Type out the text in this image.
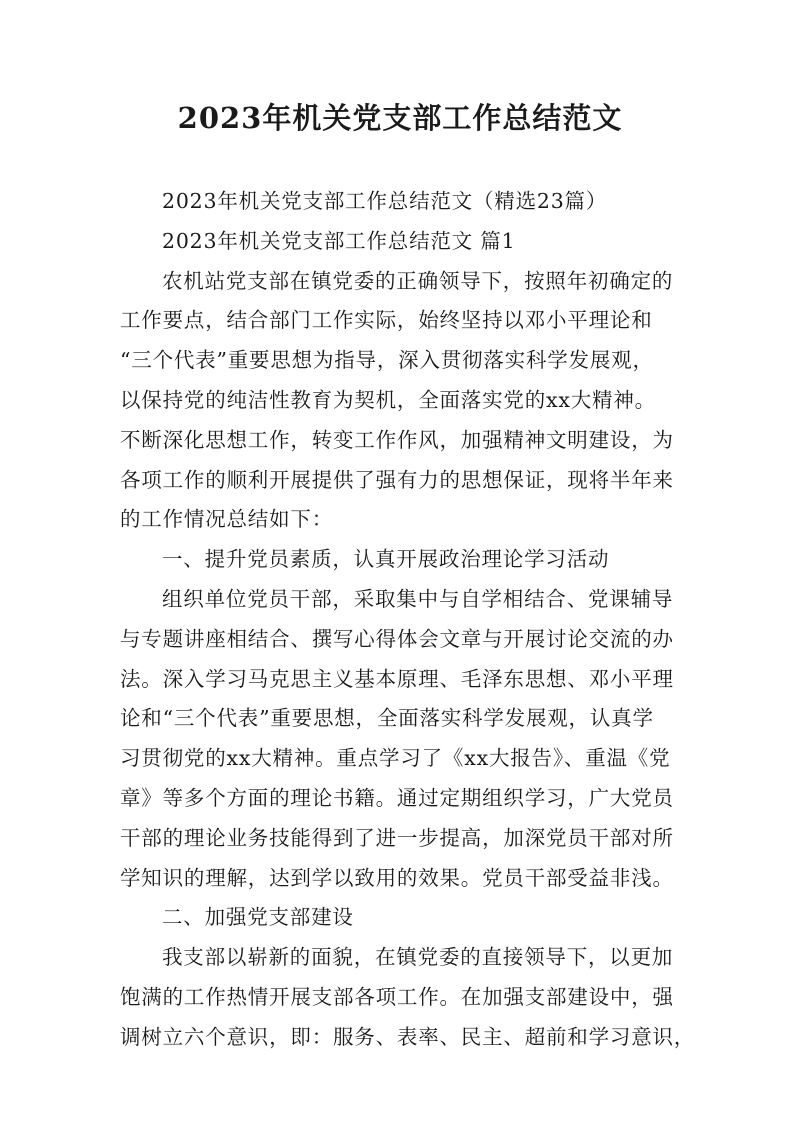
2023年机关党支部工作总结范文
2023年机关党支部工作总结范文（精选23篇）
2023年机关党支部工作总结范文 篇1
农机站党支部在镇党委的正确领导下，按照年初确定的
工作要点，结合部门工作实际，始终坚持以邓小平理论和
“三个代表”重要思想为指导，深入贯彻落实科学发展观，
以保持党的纯洁性教育为契机，全面落实党的xx大精神。
不断深化思想工作，转变工作作风，加强精神文明建设，为
各项工作的顺利开展提供了强有力的思想保证，现将半年来
的工作情况总结如下：
一、提升党员素质，认真开展政治理论学习活动
组织单位党员干部，采取集中与自学相结合、党课辅导
与专题讲座相结合、撰写心得体会文章与开展讨论交流的办
法。深入学习马克思主义基本原理、毛泽东思想、邓小平理
论和“三个代表”重要思想，全面落实科学发展观，认真学
习贯彻党的xx大精神。重点学习了《xx大报告》、重温《党
章》等多个方面的理论书籍。通过定期组织学习，广大党员
干部的理论业务技能得到了进一步提高，加深党员干部对所
学知识的理解，达到学以致用的效果。党员干部受益非浅。
二、加强党支部建设
我支部以崭新的面貌，在镇党委的直接领导下，以更加
饱满的工作热情开展支部各项工作。在加强支部建设中，强
调树立六个意识，即：服务、表率、民主、超前和学习意识，
